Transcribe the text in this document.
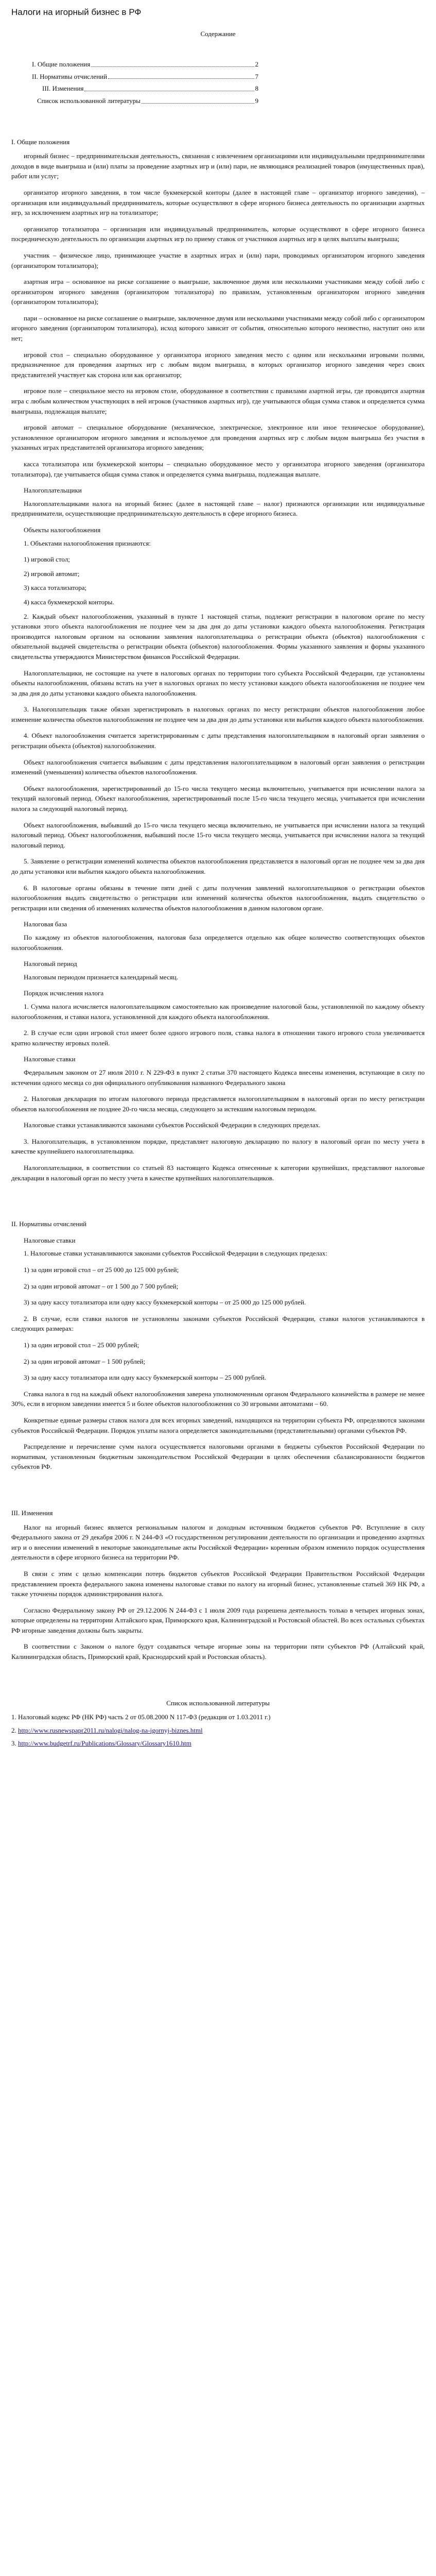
Налоги на игорный бизнес в РФ
Содержание
I. Общие положения	2
II. Нормативы отчислений	7
III. Изменения	8
Список использованной литературы	9
I. Общие положения

игорный бизнес – предпринимательская деятельность, связанная с извлечением организациями или индивидуальными предпринимателями доходов в виде выигрыша и (или) платы за проведение азартных игр и (или) пари, не являющаяся реализацией товаров (имущественных прав), работ или услуг;

организатор игорного заведения, в том числе букмекерской конторы (далее в настоящей главе – организатор игорного заведения), – организация или индивидуальный предприниматель, которые осуществляют в сфере игорного бизнеса деятельность по организации азартных игр, за исключением азартных игр на тотализаторе;

организатор тотализатора – организация или индивидуальный предприниматель, которые осуществляют в сфере игорного бизнеса посредническую деятельность по организации азартных игр по приему ставок от участников азартных игр в целях выплаты выигрыша;

участник – физическое лицо, принимающее участие в азартных играх и (или) пари, проводимых организатором игорного заведения (организатором тотализатора);

азартная игра – основанное на риске соглашение о выигрыше, заключенное двумя или несколькими участниками между собой либо с организатором игорного заведения (организатором тотализатора) по правилам, установленным организатором игорного заведения (организатором тотализатора);

пари – основанное на риске соглашение о выигрыше, заключенное двумя или несколькими участниками между собой либо с организатором игорного заведения (организатором тотализатора), исход которого зависит от события, относительно которого неизвестно, наступит оно или нет;

игровой стол – специально оборудованное у организатора игорного заведения место с одним или несколькими игровыми полями, предназначенное для проведения азартных игр с любым видом выигрыша, в которых организатор игорного заведения через своих представителей участвует как сторона или как организатор;

игровое поле – специальное место на игровом столе, оборудованное в соответствии с правилами азартной игры, где проводится азартная игра с любым количеством участвующих в ней игроков (участников азартных игр), где учитываются общая сумма ставок и определяется сумма выигрыша, подлежащая выплате;

игровой автомат – специальное оборудование (механическое, электрическое, электронное или иное техническое оборудование), установленное организатором игорного заведения и используемое для проведения азартных игр с любым видом выигрыша без участия в указанных играх представителей организатора игорного заведения;

касса тотализатора или букмекерской конторы – специально оборудованное место у организатора игорного заведения (организатора тотализатора), где учитывается общая сумма ставок и определяется сумма выигрыша, подлежащая выплате.

Налогоплательщики

Налогоплательщиками налога на игорный бизнес (далее в настоящей главе – налог) признаются организации или индивидуальные предприниматели, осуществляющие предпринимательскую деятельность в сфере игорного бизнеса.

Объекты налогообложения

1. Объектами налогообложения признаются:

1) игровой стол;

2) игровой автомат;

3) касса тотализатора;

4) касса букмекерской конторы.

2. Каждый объект налогообложения, указанный в пункте 1 настоящей статьи, подлежит регистрации в налоговом органе по месту установки этого объекта налогообложения не позднее чем за два дня до даты установки каждого объекта налогообложения. Регистрация производится налоговым органом на основании заявления налогоплательщика о регистрации объекта (объектов) налогообложения с обязательной выдачей свидетельства о регистрации объекта (объектов) налогообложения. Формы указанного заявления и формы указанного свидетельства утверждаются Министерством финансов Российской Федерации.

Налогоплательщики, не состоящие на учете в налоговых органах по территории того субъекта Российской Федерации, где установлены объекты налогообложения, обязаны встать на учет в налоговых органах по месту установки каждого объекта налогообложения не позднее чем за два дня до даты установки каждого объекта налогообложения.

3. Налогоплательщик также обязан зарегистрировать в налоговых органах по месту регистрации объектов налогообложения любое изменение количества объектов налогообложения не позднее чем за два дня до даты установки или выбытия каждого объекта налогообложения.

4. Объект налогообложения считается зарегистрированным с даты представления налогоплательщиком в налоговый орган заявления о регистрации объекта (объектов) налогообложения.

Объект налогообложения считается выбывшим с даты представления налогоплательщиком в налоговый орган заявления о регистрации изменений (уменьшения) количества объектов налогообложения.

Объект налогообложения, зарегистрированный до 15-го числа текущего месяца включительно, учитывается при исчислении налога за текущий налоговый период. Объект налогообложения, зарегистрированный после 15-го числа текущего месяца, учитывается при исчислении налога за следующий налоговый период.

Объект налогообложения, выбывший до 15-го числа текущего месяца включительно, не учитывается при исчислении налога за текущий налоговый период. Объект налогообложения, выбывший после 15-го числа текущего месяца, учитывается при исчислении налога за текущий налоговый период.

5. Заявление о регистрации изменений количества объектов налогообложения представляется в налоговый орган не позднее чем за два дня до даты установки или выбытия каждого объекта налогообложения.

6. В налоговые органы обязаны в течение пяти дней с даты получения заявлений налогоплательщиков о регистрации объектов налогообложения выдать свидетельство о регистрации или изменений количества объектов налогообложения, выдать свидетельство о регистрации или сведения об изменениях количества объектов налогообложения в данном налоговом органе.

Налоговая база

По каждому из объектов налогообложения, налоговая база определяется отдельно как общее количество соответствующих объектов налогообложения.

Налоговый период

Налоговым периодом признается календарный месяц.

Порядок исчисления налога

1. Сумма налога исчисляется налогоплательщиком самостоятельно как произведение налоговой базы, установленной по каждому объекту налогообложения, и ставки налога, установленной для каждого объекта налогообложения.

2. В случае если один игровой стол имеет более одного игрового поля, ставка налога в отношении такого игрового стола увеличивается кратно количеству игровых полей.

Налоговые ставки

Федеральным законом от 27 июля 2010 г. N 229-ФЗ в пункт 2 статьи 370 настоящего Кодекса внесены изменения, вступающие в силу по истечении одного месяца со дня официального опубликования названного Федерального закона

2. Налоговая декларация по итогам налогового периода представляется налогоплательщиком в налоговый орган по месту регистрации объектов налогообложения не позднее 20-го числа месяца, следующего за истекшим налоговым периодом.

Налоговые ставки устанавливаются законами субъектов Российской Федерации в следующих пределах.

3. Налогоплательщик, в установленном порядке, представляет налоговую декларацию по налогу в налоговый орган по месту учета в качестве крупнейшего налогоплательщика.

Налогоплательщики, в соответствии со статьей 83 настоящего Кодекса отнесенные к категории крупнейших, представляют налоговые декларации в налоговый орган по месту учета в качестве крупнейших налогоплательщиков.

II. Нормативы отчислений
Налоговые ставки

1. Налоговые ставки устанавливаются законами субъектов Российской Федерации в следующих пределах:

1) за один игровой стол – от 25 000 до 125 000 рублей;

2) за один игровой автомат – от 1 500 до 7 500 рублей;

3) за одну кассу тотализатора или одну кассу букмекерской конторы – от 25 000 до 125 000 рублей.

2. В случае, если ставки налогов не установлены законами субъектов Российской Федерации, ставки налогов устанавливаются в следующих размерах:

1) за один игровой стол – 25 000 рублей;

2) за один игровой автомат – 1 500 рублей;

3) за одну кассу тотализатора или одну кассу букмекерской конторы – 25 000 рублей.

Ставка налога в год на каждый объект налогообложения заверена уполномоченным органом Федерального казначейства в размере не менее 30%, если в игорном заведении имеется 5 и более объектов налогообложения со 30 игровыми автоматами – 60.

Конкретные единые размеры ставок налога для всех игорных заведений, находящихся на территории субъекта РФ, определяются законами субъектов Российской Федерации. Порядок уплаты налога определяется законодательными (представительными) органами субъектов РФ.

Распределение и перечисление сумм налога осуществляется налоговыми органами в бюджеты субъектов Российской Федерации по нормативам, установленным бюджетным законодательством Российской Федерации в целях обеспечения сбалансированности бюджетов субъектов РФ.

III. Изменения

Налог на игорный бизнес является региональным налогом и доходным источником бюджетов субъектов РФ. Вступление в силу Федерального закона от 29 декабря 2006 г. N 244-ФЗ «О государственном регулировании деятельности по организации и проведению азартных игр и о внесении изменений в некоторые законодательные акты Российской Федерации» коренным образом изменило порядок осуществления деятельности в сфере игорного бизнеса на территории РФ.

В связи с этим с целью компенсации потерь бюджетов субъектов Российской Федерации Правительством Российской Федерации представлением проекта федерального закона изменены налоговые ставки по налогу на игорный бизнес, установленные статьей 369 НК РФ, а также уточнены порядок администрирования налога.

Согласно Федеральному закону РФ от 29.12.2006 N 244-ФЗ с 1 июля 2009 года разрешена деятельность только в четырех игорных зонах, которые определены на территории Алтайского края, Приморского края, Калининградской и Ростовской областей. Во всех остальных субъектах РФ игорные заведения должны быть закрыты.

В соответствии с Законом о налоге будут создаваться четыре игорные зоны на территории пяти субъектов РФ (Алтайский край, Калининградская область, Приморский край, Краснодарский край и Ростовская область).

Список использованной литературы

1. Налоговый кодекс РФ (НК РФ) часть 2 от 05.08.2000 N 117-ФЗ (редакция от 1.03.2011 г.)

2. http://www.rusnewspapr2011.ru/nalogi/nalog-na-igornyj-biznes.html

3. http://www.budgetrf.ru/Publications/Glossary/Glossary1610.htm
